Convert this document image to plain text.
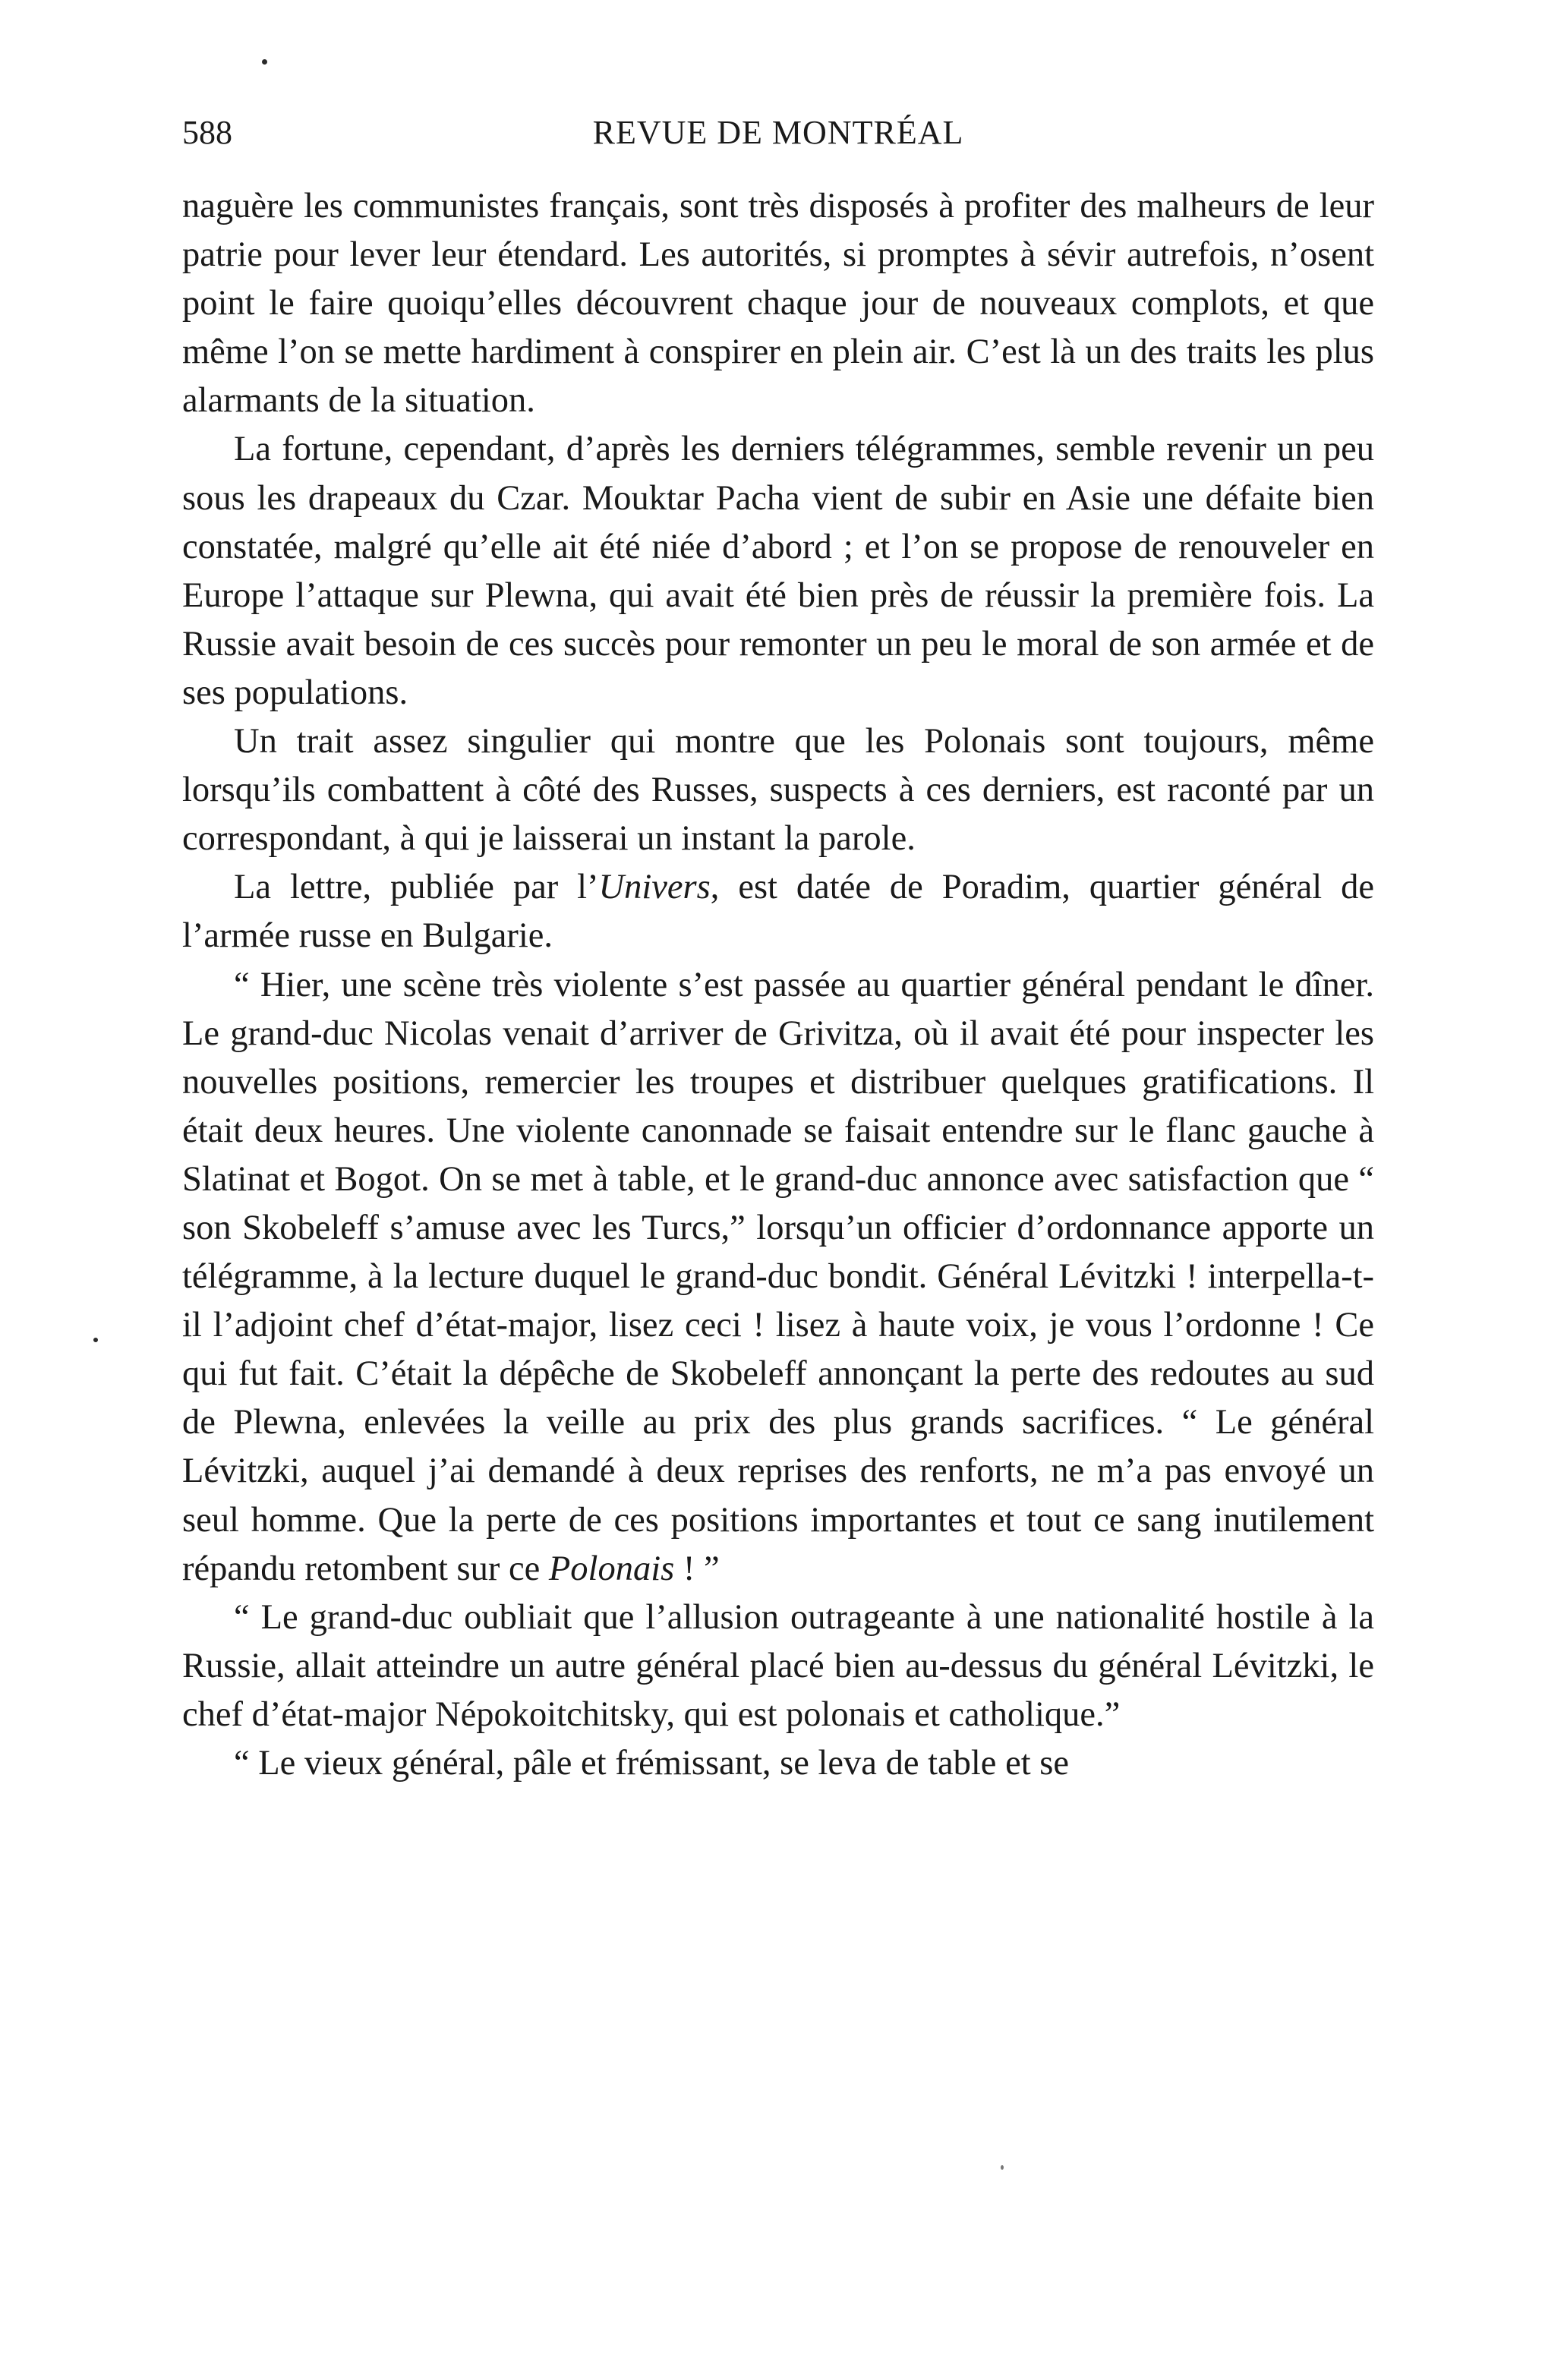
588	REVUE DE MONTRÉAL

naguère les communistes français, sont très disposés à profiter des malheurs de leur patrie pour lever leur étendard. Les autorités, si promptes à sévir autrefois, n’osent point le faire quoiqu’elles découvrent chaque jour de nouveaux complots, et que même l’on se mette hardiment à conspirer en plein air. C’est là un des traits les plus alarmants de la situation.

La fortune, cependant, d’après les derniers télégrammes, semble revenir un peu sous les drapeaux du Czar. Mouktar Pacha vient de subir en Asie une défaite bien constatée, malgré qu’elle ait été niée d’abord ; et l’on se propose de renouveler en Europe l’attaque sur Plewna, qui avait été bien près de réussir la première fois. La Russie avait besoin de ces succès pour remonter un peu le moral de son armée et de ses populations.

Un trait assez singulier qui montre que les Polonais sont toujours, même lorsqu’ils combattent à côté des Russes, suspects à ces derniers, est raconté par un correspondant, à qui je laisserai un instant la parole.

La lettre, publiée par l’Univers, est datée de Poradim, quartier général de l’armée russe en Bulgarie.

“ Hier, une scène très violente s’est passée au quartier général pendant le dîner. Le grand-duc Nicolas venait d’arriver de Grivitza, où il avait été pour inspecter les nouvelles positions, remercier les troupes et distribuer quelques gratifications. Il était deux heures. Une violente canonnade se faisait entendre sur le flanc gauche à Slatinat et Bogot. On se met à table, et le grand-duc annonce avec satisfaction que “ son Skobeleff s’amuse avec les Turcs,” lorsqu’un officier d’ordonnance apporte un télégramme, à la lecture duquel le grand-duc bondit. Général Lévitzki ! interpella-t-il l’adjoint chef d’état-major, lisez ceci ! lisez à haute voix, je vous l’ordonne ! Ce qui fut fait. C’était la dépêche de Skobeleff annonçant la perte des redoutes au sud de Plewna, enlevées la veille au prix des plus grands sacrifices. “ Le général Lévitzki, auquel j’ai demandé à deux reprises des renforts, ne m’a pas envoyé un seul homme. Que la perte de ces positions importantes et tout ce sang inutilement répandu retombent sur ce Polonais ! ”

“ Le grand-duc oubliait que l’allusion outrageante à une nationalité hostile à la Russie, allait atteindre un autre général placé bien au-dessus du général Lévitzki, le chef d’état-major Népokoitchitsky, qui est polonais et catholique.”

“ Le vieux général, pâle et frémissant, se leva de table et se
